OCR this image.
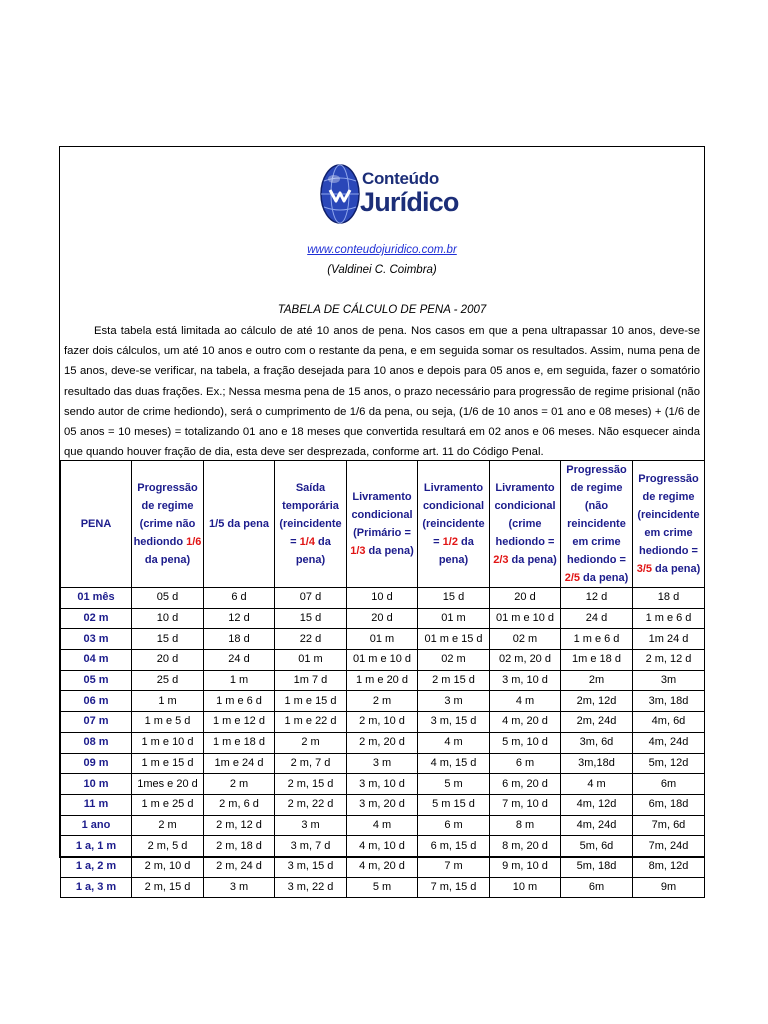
Conteúdo
Jurídico
www.conteudojuridico.com.br
(Valdinei C. Coimbra)
TABELA DE CÁLCULO DE PENA - 2007

Esta tabela está limitada ao cálculo de até 10 anos de pena. Nos casos em que a pena ultrapassar 10 anos, deve-se fazer dois cálculos, um até 10 anos e outro com o restante da pena, e em seguida somar os resultados. Assim, numa pena de 15 anos, deve-se verificar, na tabela, a fração desejada para 10 anos e depois para 05 anos e, em seguida, fazer o somatório resultado das duas frações. Ex.; Nessa mesma pena de 15 anos, o prazo necessário para progressão de regime prisional (não sendo autor de crime hediondo), será o cumprimento de 1/6 da pena, ou seja, (1/6 de 10 anos = 01 ano e 08 meses) + (1/6 de 05 anos = 10 meses) = totalizando 01 ano e 18 meses que convertida resultará em 02 anos e 06 meses. Não esquecer ainda que quando houver fração de dia, esta deve ser desprezada, conforme art. 11 do Código Penal.

PENA	Progressão de regime (crime não hediondo 1/6 da pena)	1/5 da pena	Saída temporária (reincidente = 1/4 da pena)	Livramento condicional (Primário = 1/3 da pena)	Livramento condicional (reincidente = 1/2 da pena)	Livramento condicional (crime hediondo = 2/3 da pena)	Progressão de regime (não reincidente em crime hediondo = 2/5 da pena)	Progressão de regime (reincidente em crime hediondo = 3/5 da pena)
01 mês	05 d	6 d	07 d	10 d	15 d	20 d	12 d	18 d
02 m	10 d	12 d	15 d	20 d	01 m	01 m e 10 d	24 d	1 m e 6 d
03 m	15 d	18 d	22 d	01 m	01 m e 15 d	02 m	1 m e 6 d	1m 24 d
04 m	20 d	24 d	01 m	01 m e 10 d	02 m	02 m, 20 d	1m e 18 d	2 m, 12 d
05 m	25 d	1 m	1m 7 d	1 m e 20 d	2 m 15 d	3 m, 10 d	2m	3m
06 m	1 m	1 m e 6 d	1 m e 15 d	2 m	3 m	4 m	2m, 12d	3m, 18d
07 m	1 m e 5 d	1 m e 12 d	1 m e 22 d	2 m, 10 d	3 m, 15 d	4 m, 20 d	2m, 24d	4m, 6d
08 m	1 m e 10 d	1 m e 18 d	2 m	2 m, 20 d	4 m	5 m, 10 d	3m, 6d	4m, 24d
09 m	1 m e 15 d	1m e 24 d	2 m, 7 d	3 m	4 m, 15 d	6 m	3m,18d	5m, 12d
10 m	1mes e 20 d	2 m	2 m, 15 d	3 m, 10 d	5 m	6 m, 20 d	4 m	6m
11 m	1 m e 25 d	2 m, 6 d	2 m, 22 d	3 m, 20 d	5 m 15 d	7 m, 10 d	4m, 12d	6m, 18d
1 ano	2 m	2 m, 12 d	3 m	4 m	6 m	8 m	4m, 24d	7m, 6d
1 a, 1 m	2 m, 5 d	2 m, 18 d	3 m, 7 d	4 m, 10 d	6 m, 15 d	8 m, 20 d	5m, 6d	7m, 24d
1 a, 2 m	2 m, 10 d	2 m, 24 d	3 m, 15 d	4 m, 20 d	7 m	9 m, 10 d	5m, 18d	8m, 12d
1 a, 3 m	2 m, 15 d	3 m	3 m, 22 d	5 m	7 m, 15 d	10 m	6m	9m
